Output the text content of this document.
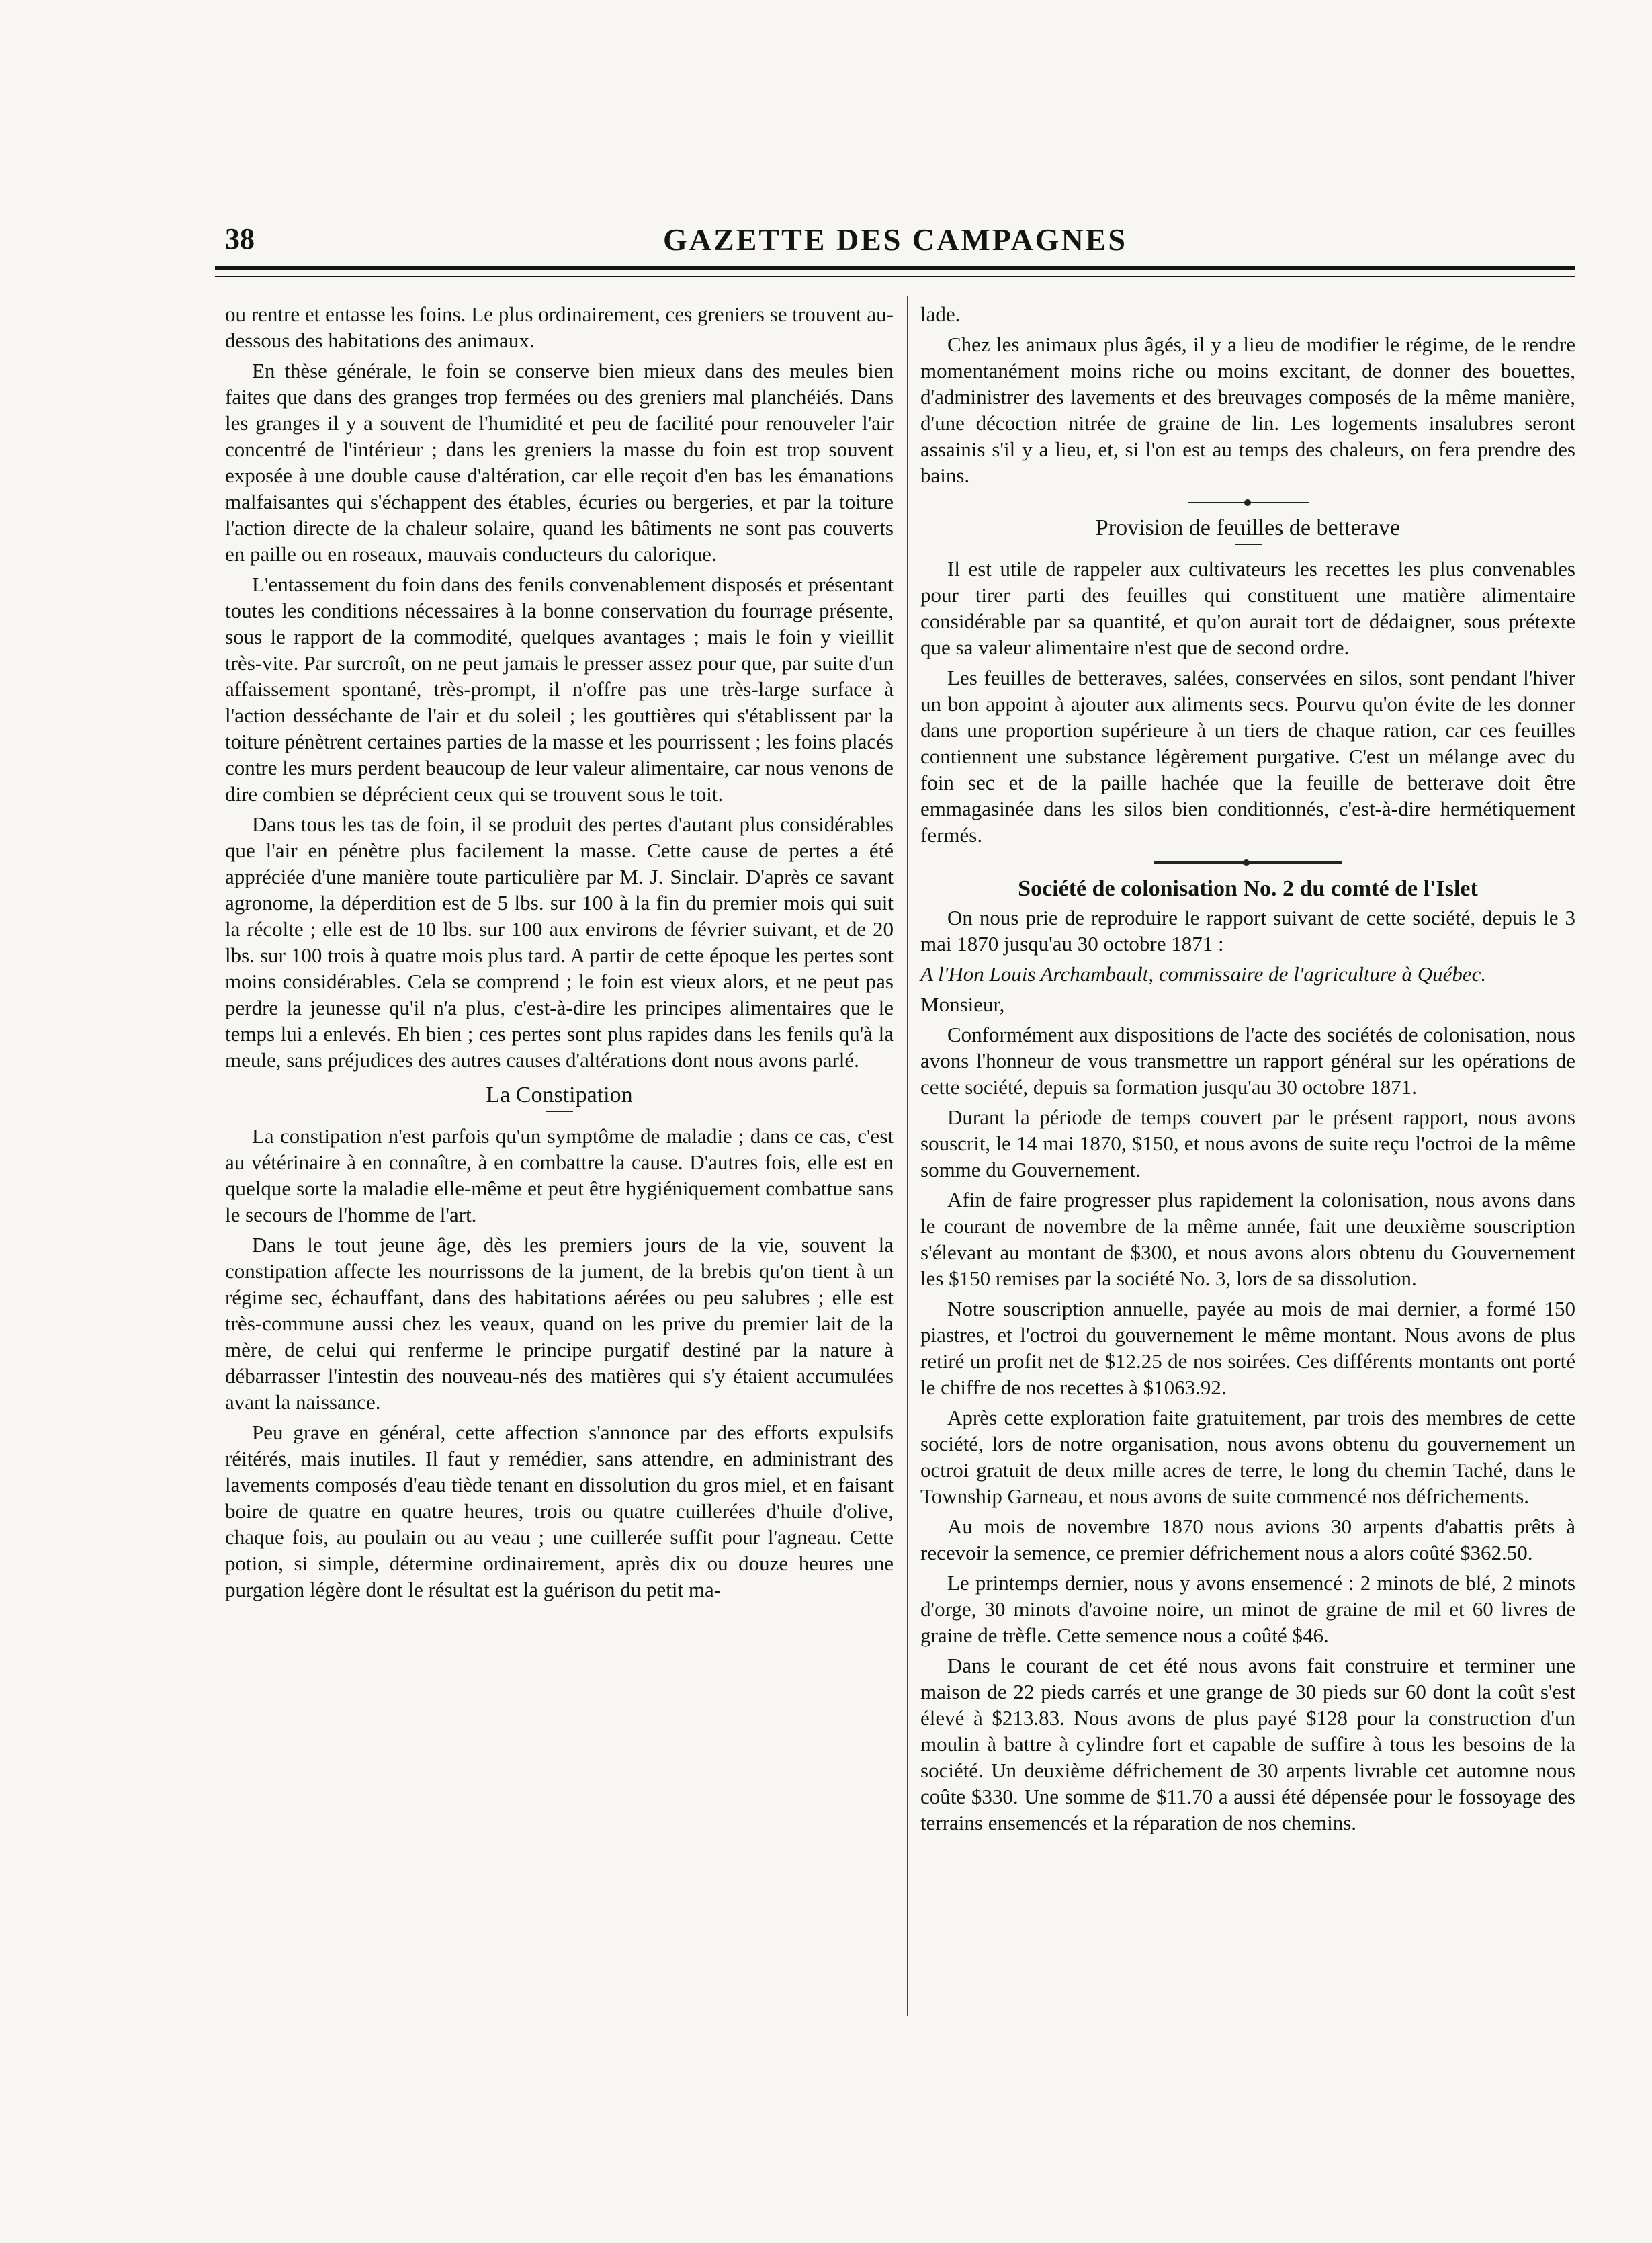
38	GAZETTE DES CAMPAGNES

ou rentre et entasse les foins. Le plus ordinairement, ces greniers se trouvent au-dessous des habitations des animaux.

En thèse générale, le foin se conserve bien mieux dans des meules bien faites que dans des granges trop fermées ou des greniers mal planchéiés. Dans les granges il y a souvent de l'humidité et peu de facilité pour renouveler l'air concentré de l'intérieur ; dans les greniers la masse du foin est trop souvent exposée à une double cause d'altération, car elle reçoit d'en bas les émanations malfaisantes qui s'échappent des étables, écuries ou bergeries, et par la toiture l'action directe de la chaleur solaire, quand les bâtiments ne sont pas couverts en paille ou en roseaux, mauvais conducteurs du calorique.

L'entassement du foin dans des fenils convenablement disposés et présentant toutes les conditions nécessaires à la bonne conservation du fourrage présente, sous le rapport de la commodité, quelques avantages ; mais le foin y vieillit très-vite. Par surcroît, on ne peut jamais le presser assez pour que, par suite d'un affaissement spontané, très-prompt, il n'offre pas une très-large surface à l'action desséchante de l'air et du soleil ; les gouttières qui s'établissent par la toiture pénètrent certaines parties de la masse et les pourrissent ; les foins placés contre les murs perdent beaucoup de leur valeur alimentaire, car nous venons de dire combien se déprécient ceux qui se trouvent sous le toit.

Dans tous les tas de foin, il se produit des pertes d'autant plus considérables que l'air en pénètre plus facilement la masse. Cette cause de pertes a été appréciée d'une manière toute particulière par M. J. Sinclair. D'après ce savant agronome, la déperdition est de 5 lbs. sur 100 à la fin du premier mois qui suit la récolte ; elle est de 10 lbs. sur 100 aux environs de février suivant, et de 20 lbs. sur 100 trois à quatre mois plus tard. A partir de cette époque les pertes sont moins considérables. Cela se comprend ; le foin est vieux alors, et ne peut pas perdre la jeunesse qu'il n'a plus, c'est-à-dire les principes alimentaires que le temps lui a enlevés. Eh bien ; ces pertes sont plus rapides dans les fenils qu'à la meule, sans préjudices des autres causes d'altérations dont nous avons parlé.

La Constipation

La constipation n'est parfois qu'un symptôme de maladie ; dans ce cas, c'est au vétérinaire à en connaître, à en combattre la cause. D'autres fois, elle est en quelque sorte la maladie elle-même et peut être hygiéniquement combattue sans le secours de l'homme de l'art.

Dans le tout jeune âge, dès les premiers jours de la vie, souvent la constipation affecte les nourrissons de la jument, de la brebis qu'on tient à un régime sec, échauffant, dans des habitations aérées ou peu salubres ; elle est très-commune aussi chez les veaux, quand on les prive du premier lait de la mère, de celui qui renferme le principe purgatif destiné par la nature à débarrasser l'intestin des nouveau-nés des matières qui s'y étaient accumulées avant la naissance.

Peu grave en général, cette affection s'annonce par des efforts expulsifs réitérés, mais inutiles. Il faut y remédier, sans attendre, en administrant des lavements composés d'eau tiède tenant en dissolution du gros miel, et en faisant boire de quatre en quatre heures, trois ou quatre cuillerées d'huile d'olive, chaque fois, au poulain ou au veau ; une cuillerée suffit pour l'agneau. Cette potion, si simple, détermine ordinairement, après dix ou douze heures une purgation légère dont le résultat est la guérison du petit ma-

lade.

Chez les animaux plus âgés, il y a lieu de modifier le régime, de le rendre momentanément moins riche ou moins excitant, de donner des bouettes, d'administrer des lavements et des breuvages composés de la même manière, d'une décoction nitrée de graine de lin. Les logements insalubres seront assainis s'il y a lieu, et, si l'on est au temps des chaleurs, on fera prendre des bains.

Provision de feuilles de betterave

Il est utile de rappeler aux cultivateurs les recettes les plus convenables pour tirer parti des feuilles qui constituent une matière alimentaire considérable par sa quantité, et qu'on aurait tort de dédaigner, sous prétexte que sa valeur alimentaire n'est que de second ordre.

Les feuilles de betteraves, salées, conservées en silos, sont pendant l'hiver un bon appoint à ajouter aux aliments secs. Pourvu qu'on évite de les donner dans une proportion supérieure à un tiers de chaque ration, car ces feuilles contiennent une substance légèrement purgative. C'est un mélange avec du foin sec et de la paille hachée que la feuille de betterave doit être emmagasinée dans les silos bien conditionnés, c'est-à-dire hermétiquement fermés.

Société de colonisation No. 2 du comté de l'Islet

On nous prie de reproduire le rapport suivant de cette société, depuis le 3 mai 1870 jusqu'au 30 octobre 1871 :

A l'Hon Louis Archambault, commissaire de l'agriculture à Québec.

Monsieur,

Conformément aux dispositions de l'acte des sociétés de colonisation, nous avons l'honneur de vous transmettre un rapport général sur les opérations de cette société, depuis sa formation jusqu'au 30 octobre 1871.

Durant la période de temps couvert par le présent rapport, nous avons souscrit, le 14 mai 1870, $150, et nous avons de suite reçu l'octroi de la même somme du Gouvernement.

Afin de faire progresser plus rapidement la colonisation, nous avons dans le courant de novembre de la même année, fait une deuxième souscription s'élevant au montant de $300, et nous avons alors obtenu du Gouvernement les $150 remises par la société No. 3, lors de sa dissolution.

Notre souscription annuelle, payée au mois de mai dernier, a formé 150 piastres, et l'octroi du gouvernement le même montant. Nous avons de plus retiré un profit net de $12.25 de nos soirées. Ces différents montants ont porté le chiffre de nos recettes à $1063.92.

Après cette exploration faite gratuitement, par trois des membres de cette société, lors de notre organisation, nous avons obtenu du gouvernement un octroi gratuit de deux mille acres de terre, le long du chemin Taché, dans le Township Garneau, et nous avons de suite commencé nos défrichements.

Au mois de novembre 1870 nous avions 30 arpents d'abattis prêts à recevoir la semence, ce premier défrichement nous a alors coûté $362.50.

Le printemps dernier, nous y avons ensemencé : 2 minots de blé, 2 minots d'orge, 30 minots d'avoine noire, un minot de graine de mil et 60 livres de graine de trèfle. Cette semence nous a coûté $46.

Dans le courant de cet été nous avons fait construire et terminer une maison de 22 pieds carrés et une grange de 30 pieds sur 60 dont la coût s'est élevé à $213.83. Nous avons de plus payé $128 pour la construction d'un moulin à battre à cylindre fort et capable de suffire à tous les besoins de la société. Un deuxième défrichement de 30 arpents livrable cet automne nous coûte $330. Une somme de $11.70 a aussi été dépensée pour le fossoyage des terrains ensemencés et la réparation de nos chemins.
